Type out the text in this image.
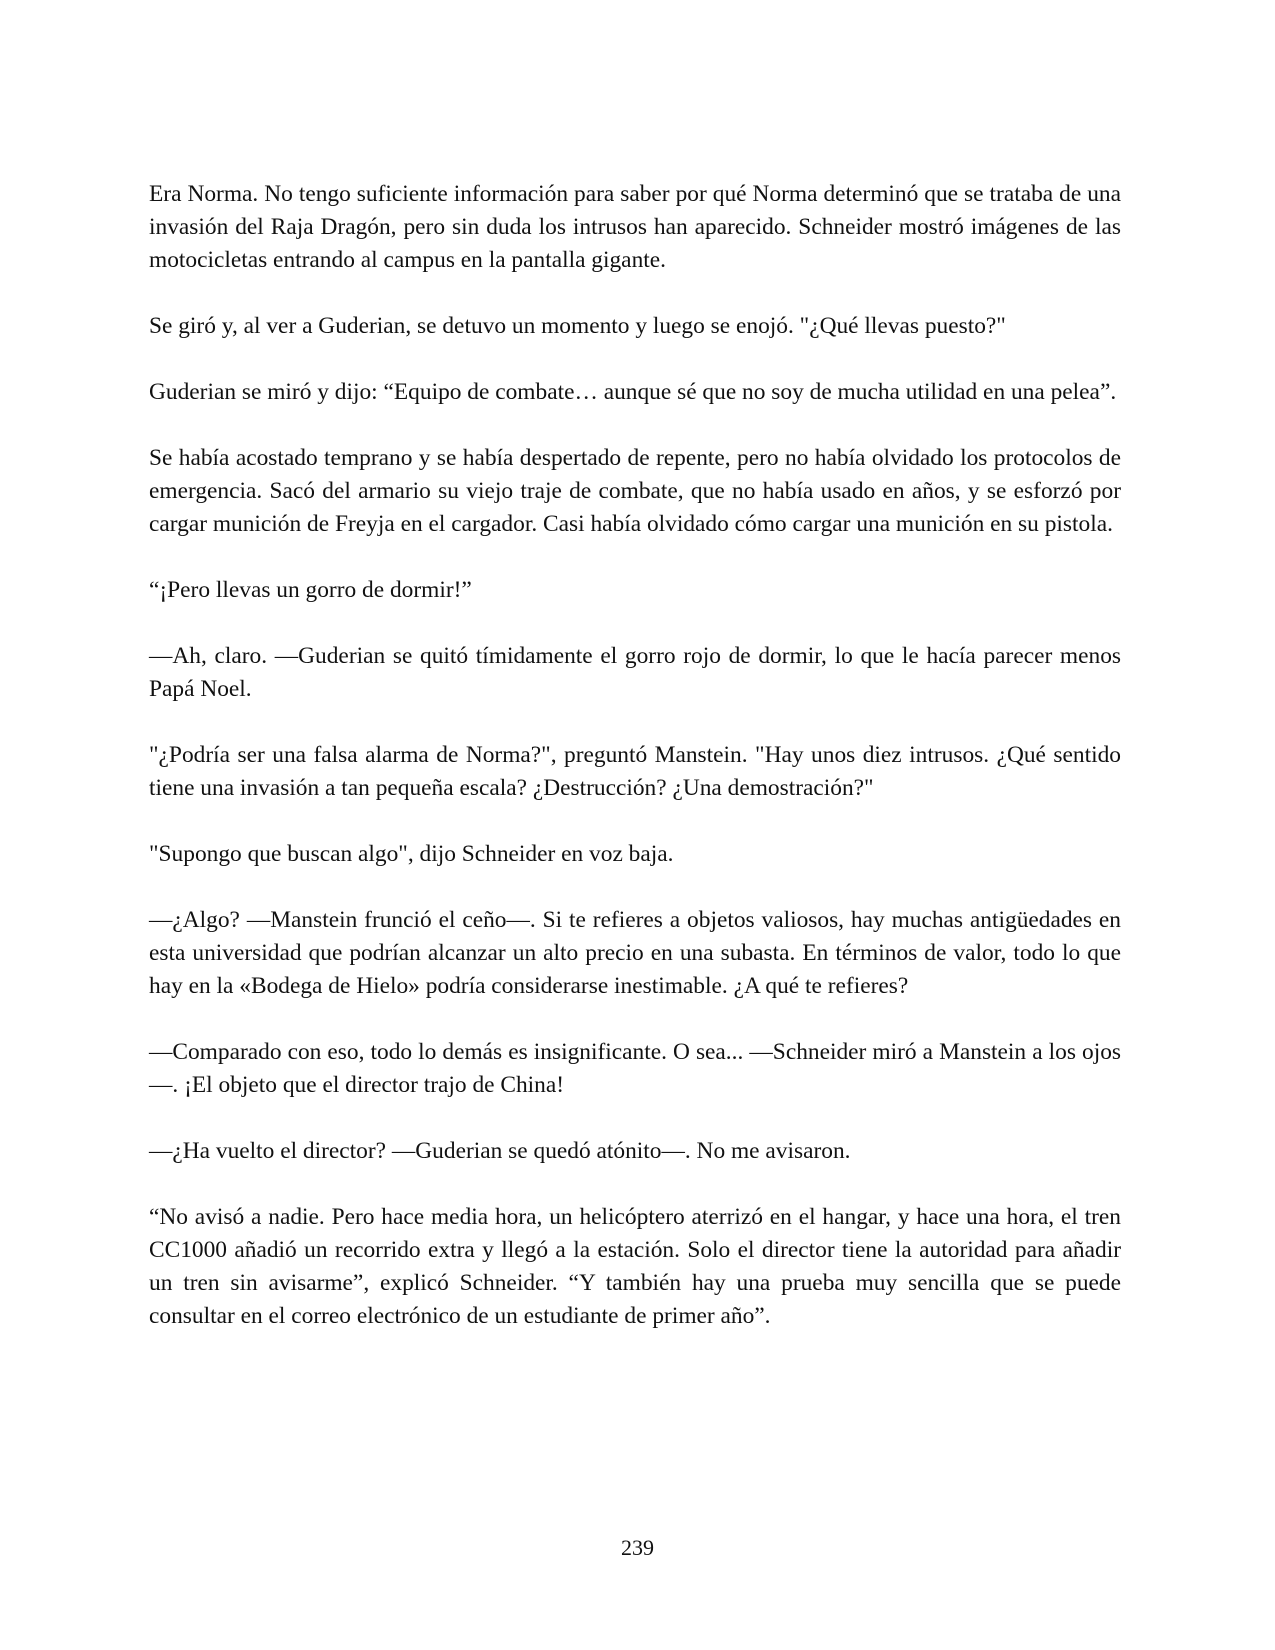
Era Norma. No tengo suficiente información para saber por qué Norma determinó que se trataba de una invasión del Raja Dragón, pero sin duda los intrusos han aparecido. Schneider mostró imágenes de las motocicletas entrando al campus en la pantalla gigante.

Se giró y, al ver a Guderian, se detuvo un momento y luego se enojó. "¿Qué llevas puesto?"

Guderian se miró y dijo: “Equipo de combate… aunque sé que no soy de mucha utilidad en una pelea”.

Se había acostado temprano y se había despertado de repente, pero no había olvidado los protocolos de emergencia. Sacó del armario su viejo traje de combate, que no había usado en años, y se esforzó por cargar munición de Freyja en el cargador. Casi había olvidado cómo cargar una munición en su pistola.

“¡Pero llevas un gorro de dormir!”

—Ah, claro. —Guderian se quitó tímidamente el gorro rojo de dormir, lo que le hacía parecer menos Papá Noel.

"¿Podría ser una falsa alarma de Norma?", preguntó Manstein. "Hay unos diez intrusos. ¿Qué sentido tiene una invasión a tan pequeña escala? ¿Destrucción? ¿Una demostración?"

"Supongo que buscan algo", dijo Schneider en voz baja.

—¿Algo? —Manstein frunció el ceño—. Si te refieres a objetos valiosos, hay muchas antigüedades en esta universidad que podrían alcanzar un alto precio en una subasta. En términos de valor, todo lo que hay en la «Bodega de Hielo» podría considerarse inestimable. ¿A qué te refieres?

—Comparado con eso, todo lo demás es insignificante. O sea... —Schneider miró a Manstein a los ojos—. ¡El objeto que el director trajo de China!

—¿Ha vuelto el director? —Guderian se quedó atónito—. No me avisaron.

“No avisó a nadie. Pero hace media hora, un helicóptero aterrizó en el hangar, y hace una hora, el tren CC1000 añadió un recorrido extra y llegó a la estación. Solo el director tiene la autoridad para añadir un tren sin avisarme”, explicó Schneider. “Y también hay una prueba muy sencilla que se puede consultar en el correo electrónico de un estudiante de primer año”.

239
